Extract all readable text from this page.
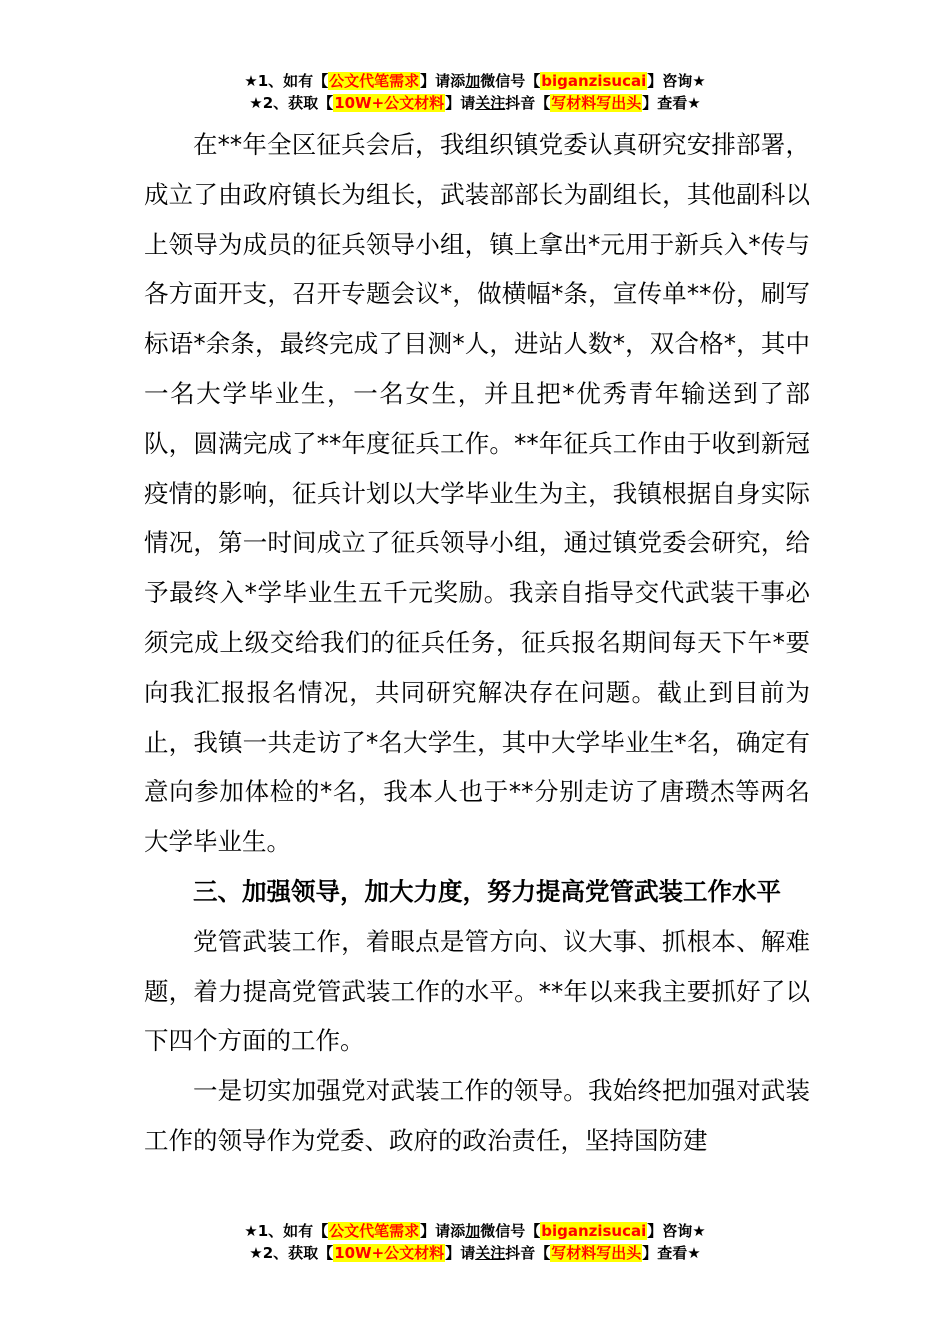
★1、如有【公文代笔需求】请添加微信号【biganzisucai】咨询★
★2、获取【10W+公文材料】请关注抖音【写材料写出头】查看★

在**年全区征兵会后，我组织镇党委认真研究安排部署，成立了由政府镇长为组长，武装部部长为副组长，其他副科以上领导为成员的征兵领导小组，镇上拿出*元用于新兵入*传与各方面开支，召开专题会议*，做横幅*条，宣传单**份，刷写标语*余条，最终完成了目测*人，进站人数*，双合格*，其中一名大学毕业生，一名女生，并且把*优秀青年输送到了部队，圆满完成了**年度征兵工作。**年征兵工作由于收到新冠疫情的影响，征兵计划以大学毕业生为主，我镇根据自身实际情况，第一时间成立了征兵领导小组，通过镇党委会研究，给予最终入*学毕业生五千元奖励。我亲自指导交代武装干事必须完成上级交给我们的征兵任务，征兵报名期间每天下午*要向我汇报报名情况，共同研究解决存在问题。截止到目前为止，我镇一共走访了*名大学生，其中大学毕业生*名，确定有意向参加体检的*名，我本人也于**分别走访了唐瓒杰等两名大学毕业生。

三、加强领导，加大力度，努力提高党管武装工作水平

党管武装工作，着眼点是管方向、议大事、抓根本、解难题，着力提高党管武装工作的水平。**年以来我主要抓好了以下四个方面的工作。

一是切实加强党对武装工作的领导。我始终把加强对武装工作的领导作为党委、政府的政治责任，坚持国防建

★1、如有【公文代笔需求】请添加微信号【biganzisucai】咨询★
★2、获取【10W+公文材料】请关注抖音【写材料写出头】查看★
